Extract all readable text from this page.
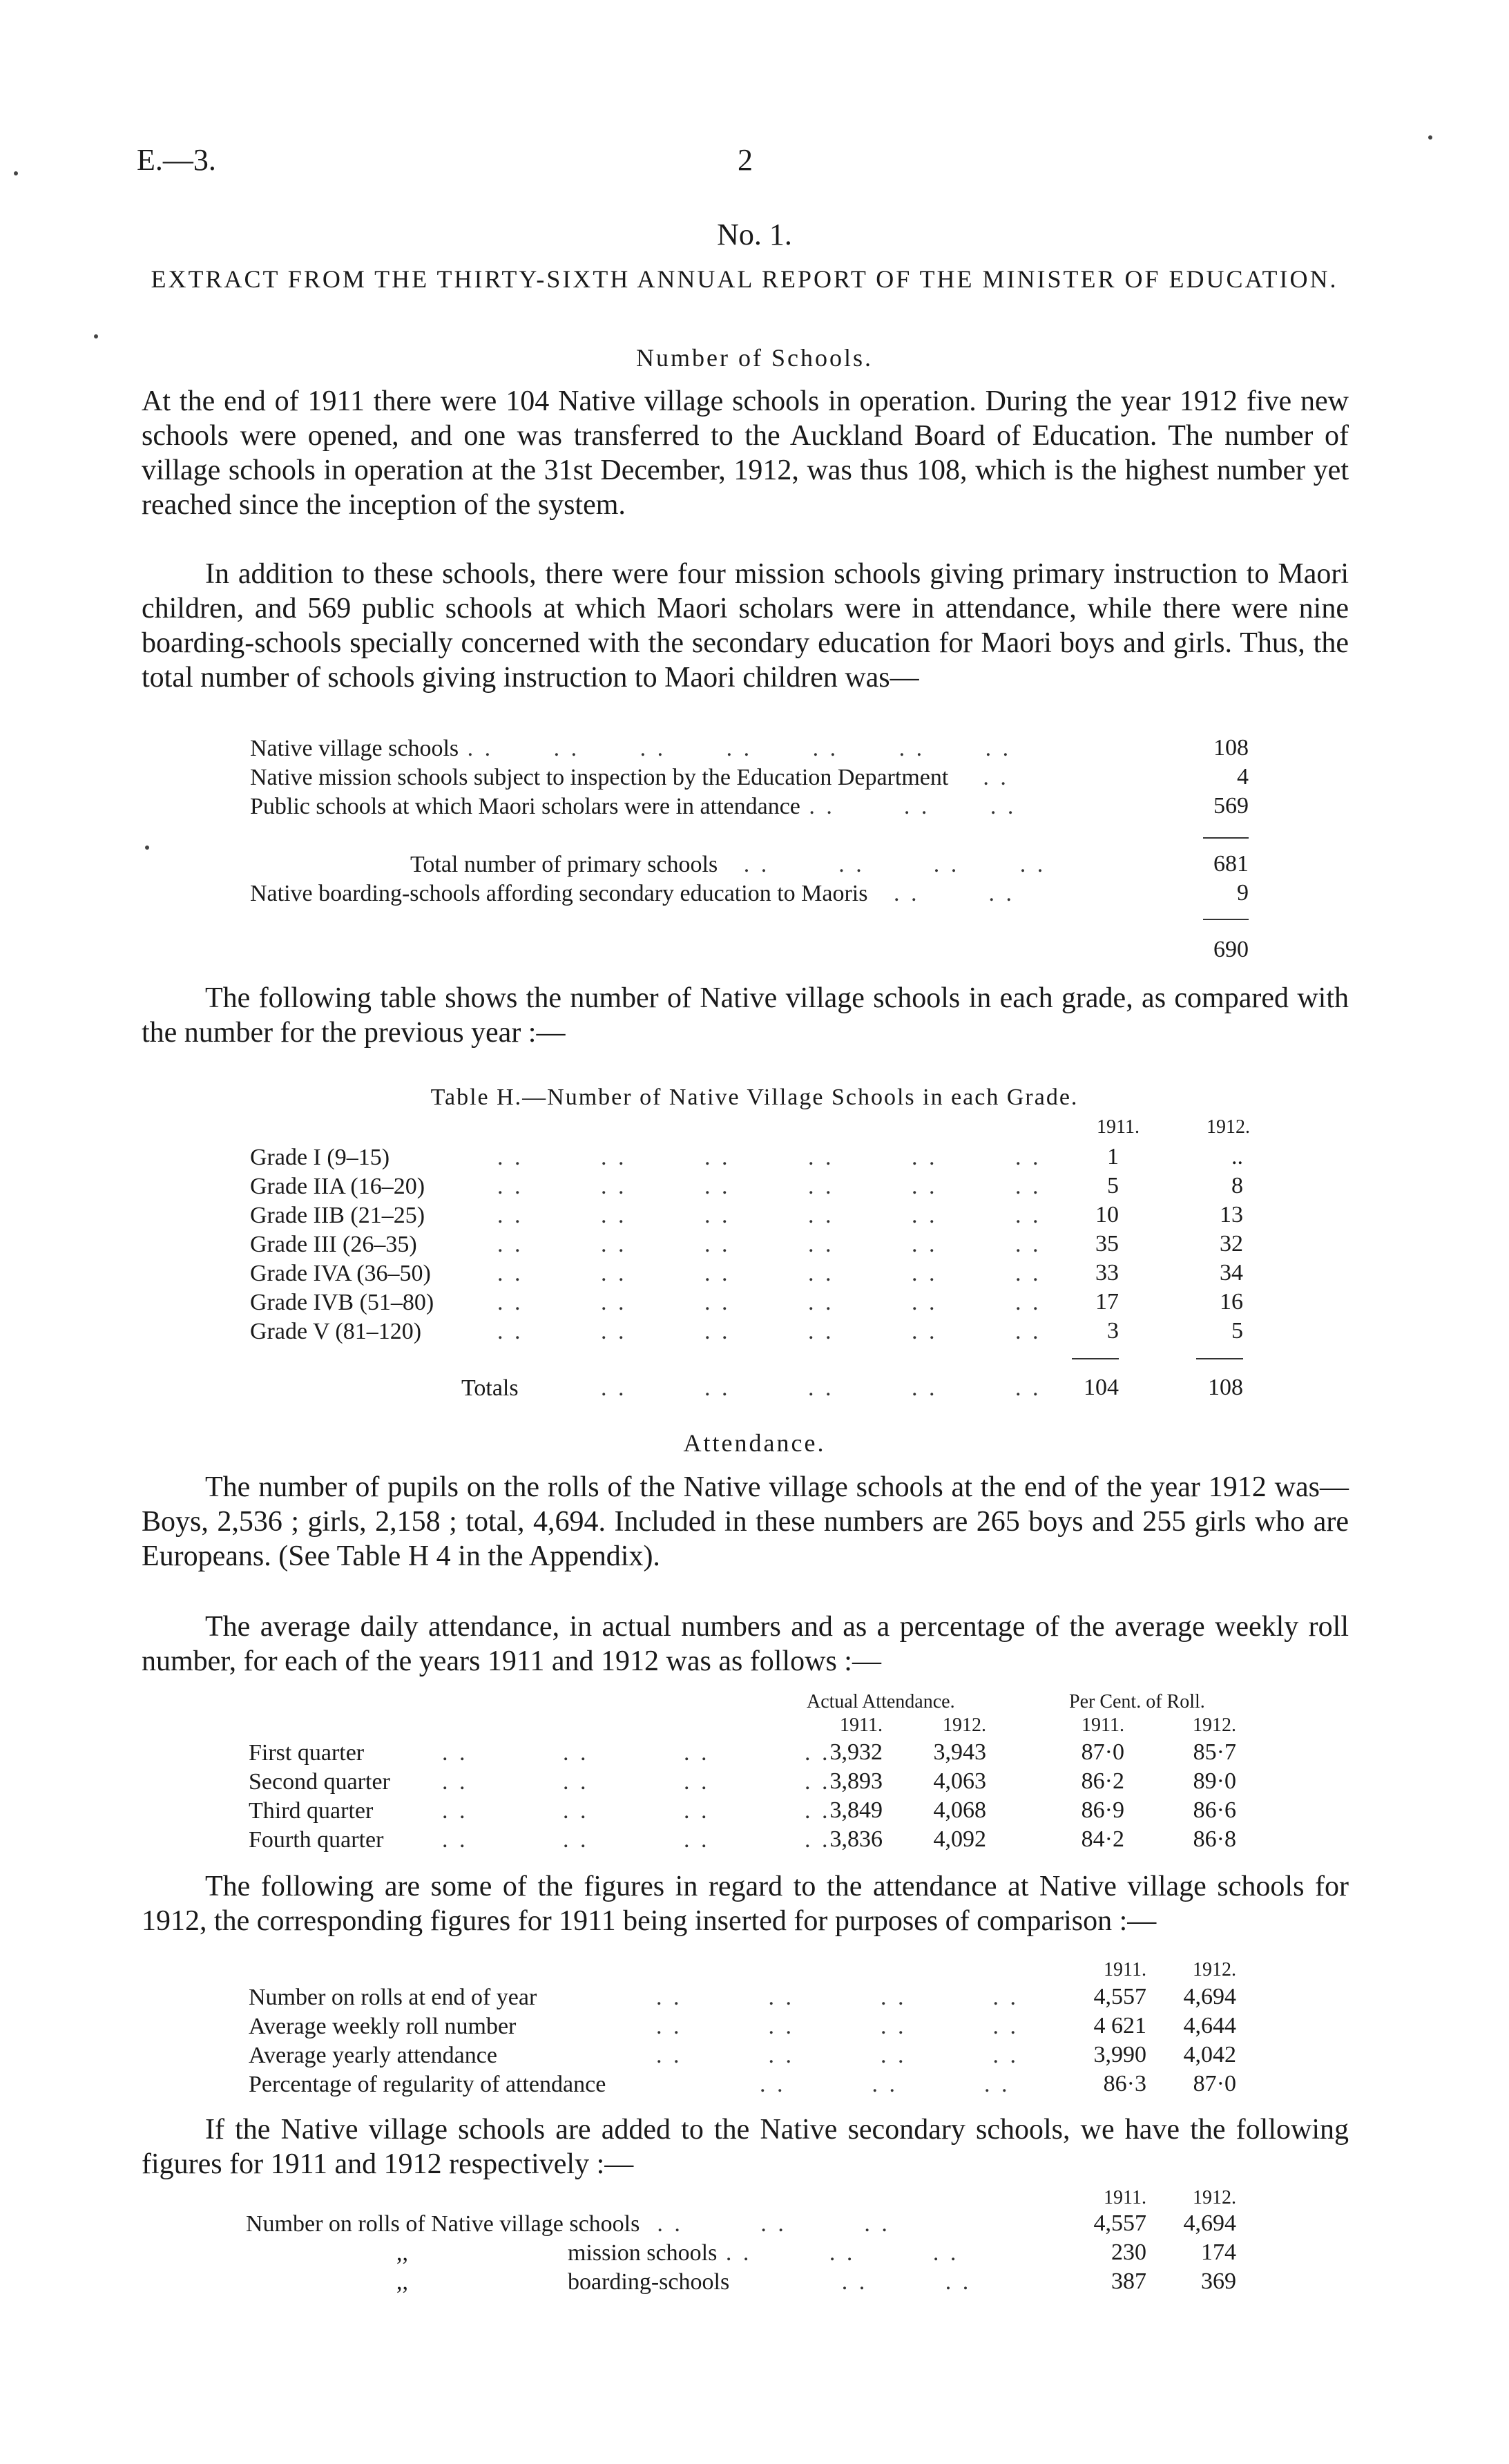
E.—3.	2
No. 1.
EXTRACT FROM THE THIRTY-SIXTH ANNUAL REPORT OF THE MINISTER OF EDUCATION.
Number of Schools.
At the end of 1911 there were 104 Native village schools in operation. During the year 1912 five new schools were opened, and one was transferred to the Auckland Board of Education. The number of village schools in operation at the 31st December, 1912, was thus 108, which is the highest number yet reached since the inception of the system.
In addition to these schools, there were four mission schools giving primary instruction to Maori children, and 569 public schools at which Maori scholars were in attendance, while there were nine boarding-schools specially concerned with the secondary education for Maori boys and girls. Thus, the total number of schools giving instruction to Maori children was—
Native village schools . .       . .       . .       . .       . .       . .       . .	108
Native mission schools subject to inspection by the Education Department    . .	4
Public schools at which Maori scholars were in attendance . .        . .       . .	569
Total number of primary schools   . .        . .        . .       . .	681
Native boarding-schools affording secondary education to Maoris   . .        . .	9
690
The following table shows the number of Native village schools in each grade, as compared with the number for the previous year :—
Table H.—Number of Native Village Schools in each Grade.
1911.	1912.
Grade I (9–15)	. .         . .         . .         . .         . .         . .	1	..
Grade IIA (16–20)	. .         . .         . .         . .         . .         . .	5	8
Grade IIB (21–25)	. .         . .         . .         . .         . .         . .	10	13
Grade III (26–35)	. .         . .         . .         . .         . .         . .	35	32
Grade IVA (36–50)	. .         . .         . .         . .         . .         . .	33	34
Grade IVB (51–80)	. .         . .         . .         . .         . .         . .	17	16
Grade V (81–120)	. .         . .         . .         . .         . .         . .	3	5
Totals	. .         . .         . .         . .         . .	104	108
Attendance.
The number of pupils on the rolls of the Native village schools at the end of the year 1912 was—Boys, 2,536 ; girls, 2,158 ; total, 4,694. Included in these numbers are 265 boys and 255 girls who are Europeans. (See Table H 4 in the Appendix).
The average daily attendance, in actual numbers and as a percentage of the average weekly roll number, for each of the years 1911 and 1912 was as follows :—
Actual Attendance.	Per Cent. of Roll.
1911.	1912.	1911.	1912.
First quarter	. .           . .           . .           . . 3,932	3,943	87·0	85·7
Second quarter . .           . .           . .           . . 3,893	4,063	86·2	89·0
Third quarter	. .           . .           . .           . . 3,849	4,068	86·9	86·6
Fourth quarter . .           . .           . .           . . 3,836	4,092	84·2	86·8
The following are some of the figures in regard to the attendance at Native village schools for 1912, the corresponding figures for 1911 being inserted for purposes of comparison :—
1911.	1912.
Number on rolls at end of year	. .          . .          . .          . .	4,557	4,694
Average weekly roll number	. .          . .          . .          . .	4 621	4,644
Average yearly attendance	. .          . .          . .          . .	3,990	4,042
Percentage of regularity of attendance	. .          . .          . .	86·3	87·0
If the Native village schools are added to the Native secondary schools, we have the following figures for 1911 and 1912 respectively :—
1911.	1912.
Number on rolls of Native village schools  . .         . .         . .	4,557	4,694
,,	mission schools . .         . .         . .	230	174
,,	boarding-schools             . .         . .	387	369
